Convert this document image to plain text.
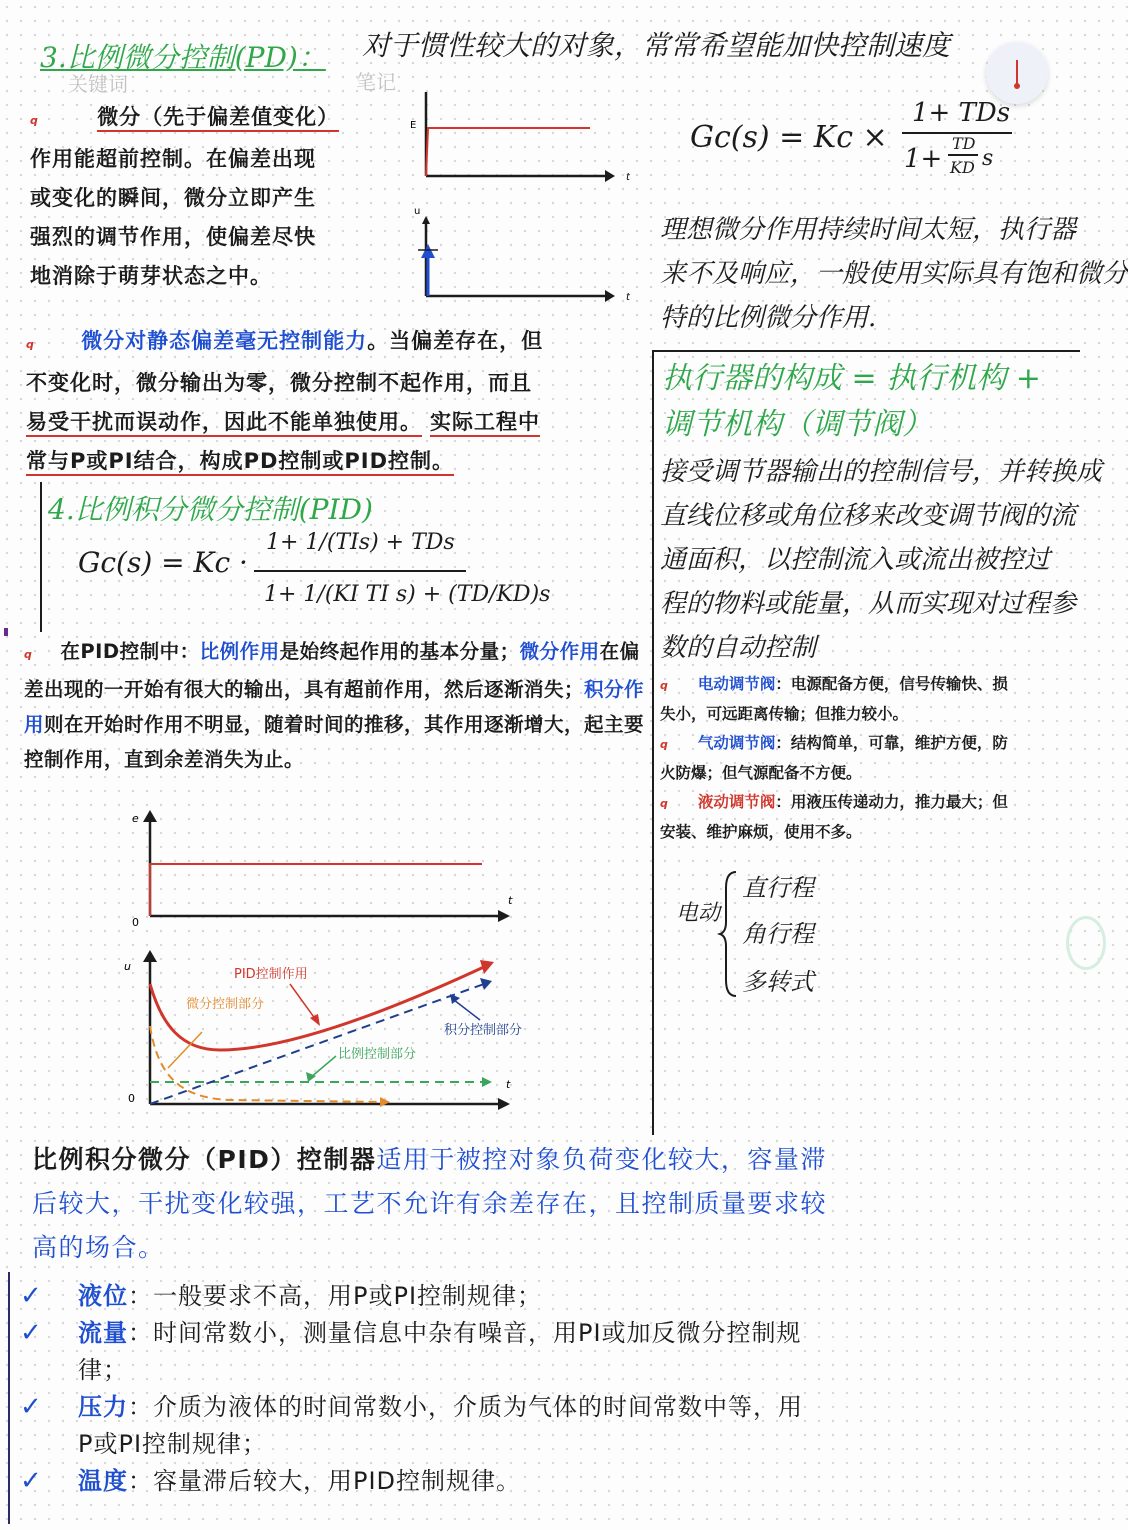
3.比例微分控制(PD)： 对于惯性较大的对象，常常希望能加快控制速度
关键词	笔记
q	微分（先于偏差值变化）
作用能超前控制。在偏差出现
或变化的瞬间，微分立即产生
强烈的调节作用，使偏差尽快
地消除于萌芽状态之中。
E
t
u
t
q 微分对静态偏差毫无控制能力。当偏差存在，但
不变化时，微分输出为零，微分控制不起作用，而且
易受干扰而误动作，因此不能单独使用。 实际工程中
常与P或PI结合，构成PD控制或PID控制。
Gc(s) = Kc ×
1+ TDs
1+
TD
KD s
理想微分作用持续时间太短，执行器
来不及响应，一般使用实际具有饱和微分
特的比例微分作用.
执行器的构成 = 执行机构 +
调节机构（调节阀）
接受调节器输出的控制信号，并转换成
直线位移或角位移来改变调节阀的流
通面积，以控制流入或流出被控过
程的物料或能量，从而实现对过程参
数的自动控制
q 电动调节阀：电源配备方便，信号传输快、损
失小，可远距离传输；但推力较小。
q 气动调节阀：结构简单，可靠，维护方便，防
火防爆；但气源配备不方便。
q 液动调节阀：用液压传递动力，推力最大；但
安装、维护麻烦，使用不多。
电动
直行程
角行程
多转式
4.比例积分微分控制(PID)
Gc(s) = Kc ·
1+ 1/(TIs) + TDs
1+ 1/(KI TI s) + (TD/KD)s
q 在PID控制中：比例作用是始终起作用的基本分量；微分作用在偏差出现的一开始有很大的输出，具有超前作用，然后逐渐消失；积分作用则在开始时作用不明显，随着时间的推移，其作用逐渐增大，起主要控制作用，直到余差消失为止。
e
0
t
u
0
t
PID控制作用
微分控制部分
积分控制部分
比例控制部分
比例积分微分（PID）控制器适用于被控对象负荷变化较大，容量滞后较大，干扰变化较强，工艺不允许有余差存在，且控制质量要求较高的场合。
✓	液位：一般要求不高，用P或PI控制规律；
✓	流量：时间常数小，测量信息中杂有噪音，用PI或加反微分控制规律；
✓	压力：介质为液体的时间常数小，介质为气体的时间常数中等，用P或PI控制规律；
✓	温度：容量滞后较大，用PID控制规律。
